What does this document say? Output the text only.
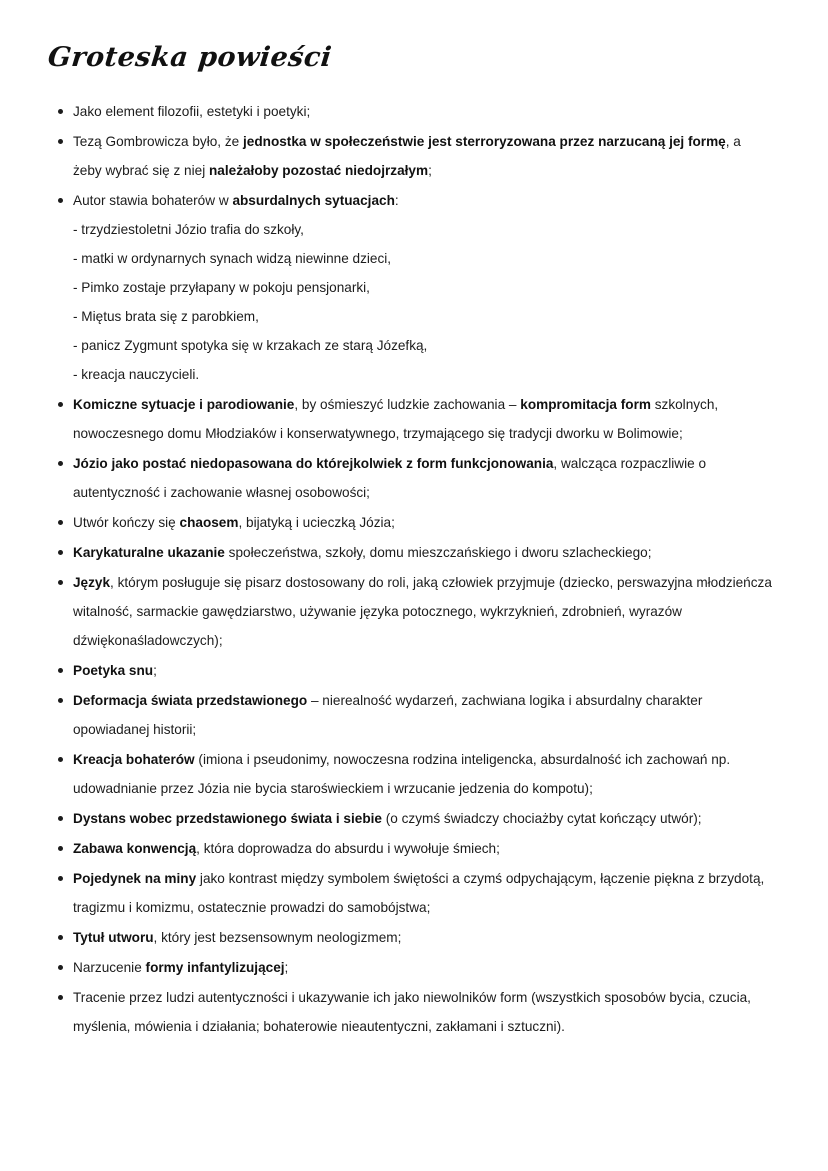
Groteska powieści
Jako element filozofii, estetyki i poetyki;
Tezą Gombrowicza było, że jednostka w społeczeństwie jest sterroryzowana przez narzucaną jej formę, a żeby wybrać się z niej należałoby pozostać niedojrzałym;
Autor stawia bohaterów w absurdalnych sytuacjach:
- trzydziestoletni Józio trafia do szkoły,
- matki w ordynarnych synach widzą niewinne dzieci,
- Pimko zostaje przyłapany w pokoju pensjonarki,
- Miętus brata się z parobkiem,
- panicz Zygmunt spotyka się w krzakach ze starą Józefką,
- kreacja nauczycieli.
Komiczne sytuacje i parodiowanie, by ośmieszyć ludzkie zachowania – kompromitacja form szkolnych, nowoczesnego domu Młodziaków i konserwatywnego, trzymającego się tradycji dworku w Bolimowie;
Józio jako postać niedopasowana do którejkolwiek z form funkcjonowania, walcząca rozpaczliwie o autentyczność i zachowanie własnej osobowości;
Utwór kończy się chaosem, bijatyką i ucieczką Józia;
Karykaturalne ukazanie społeczeństwa, szkoły, domu mieszczańskiego i dworu szlacheckiego;
Język, którym posługuje się pisarz dostosowany do roli, jaką człowiek przyjmuje (dziecko, perswazyjna młodzieńcza witalność, sarmackie gawędziarstwo, używanie języka potocznego, wykrzyknień, zdrobnień, wyrazów dźwiękonaśladowczych);
Poetyka snu;
Deformacja świata przedstawionego – nierealność wydarzeń, zachwiana logika i absurdalny charakter opowiadanej historii;
Kreacja bohaterów (imiona i pseudonimy, nowoczesna rodzina inteligencka, absurdalność ich zachowań np. udowadnianie przez Józia nie bycia staroświeckiem i wrzucanie jedzenia do kompotu);
Dystans wobec przedstawionego świata i siebie (o czymś świadczy chociażby cytat kończący utwór);
Zabawa konwencją, która doprowadza do absurdu i wywołuje śmiech;
Pojedynek na miny jako kontrast między symbolem świętości a czymś odpychającym, łączenie piękna z brzydotą, tragizmu i komizmu, ostatecznie prowadzi do samobójstwa;
Tytuł utworu, który jest bezsensownym neologizmem;
Narzucenie formy infantylizującej;
Tracenie przez ludzi autentyczności i ukazywanie ich jako niewolników form (wszystkich sposobów bycia, czucia, myślenia, mówienia i działania; bohaterowie nieautentyczni, zakłamani i sztuczni).
